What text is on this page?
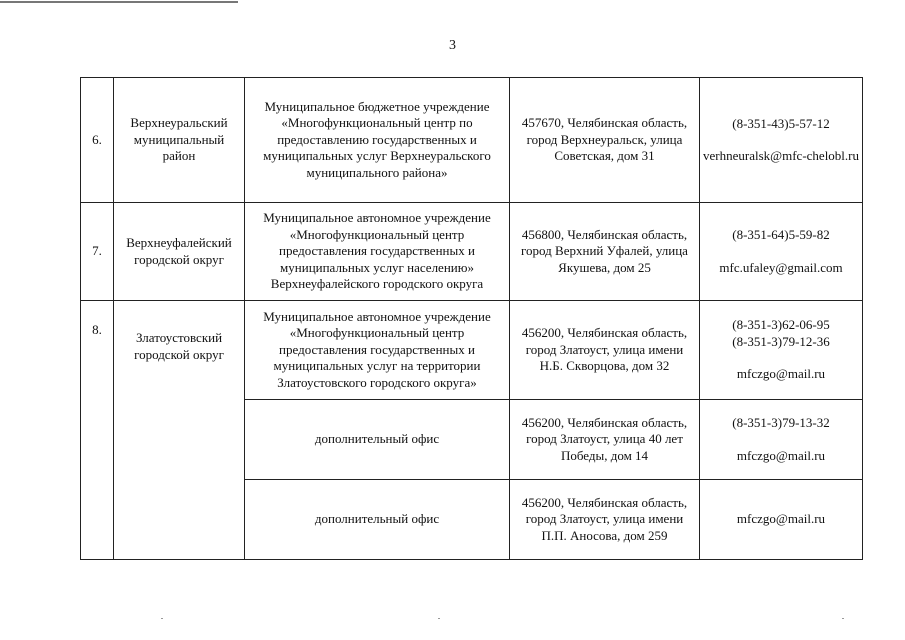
3
6.	Верхнеуральский муниципальный район	Муниципальное бюджетное учреждение «Многофункциональный центр по предоставлению государственных и муниципальных услуг Верхнеуральского муниципального района»	457670, Челябинская область, город Верхнеуральск, улица Советская, дом 31	(8-351-43)5-57-12
verhneuralsk@mfc-chelobl.ru

7.	Верхнеуфалейский городской округ	Муниципальное автономное учреждение «Многофункциональный центр предоставления государственных и муниципальных услуг населению» Верхнеуфалейского городского округа	456800, Челябинская область, город Верхний Уфалей, улица Якушева, дом 25	(8-351-64)5-59-82
mfc.ufaley@gmail.com

8.	Златоустовский городской округ	Муниципальное автономное учреждение «Многофункциональный центр предоставления государственных и муниципальных услуг на территории Златоустовского городского округа»	456200, Челябинская область, город Златоуст, улица имени Н.Б. Скворцова, дом 32	(8-351-3)62-06-95
(8-351-3)79-12-36
mfczgo@mail.ru

		дополнительный офис	456200, Челябинская область, город Златоуст, улица 40 лет Победы, дом 14	(8-351-3)79-13-32
mfczgo@mail.ru

		дополнительный офис	456200, Челябинская область, город Златоуст, улица имени П.П. Аносова, дом 259	mfczgo@mail.ru
